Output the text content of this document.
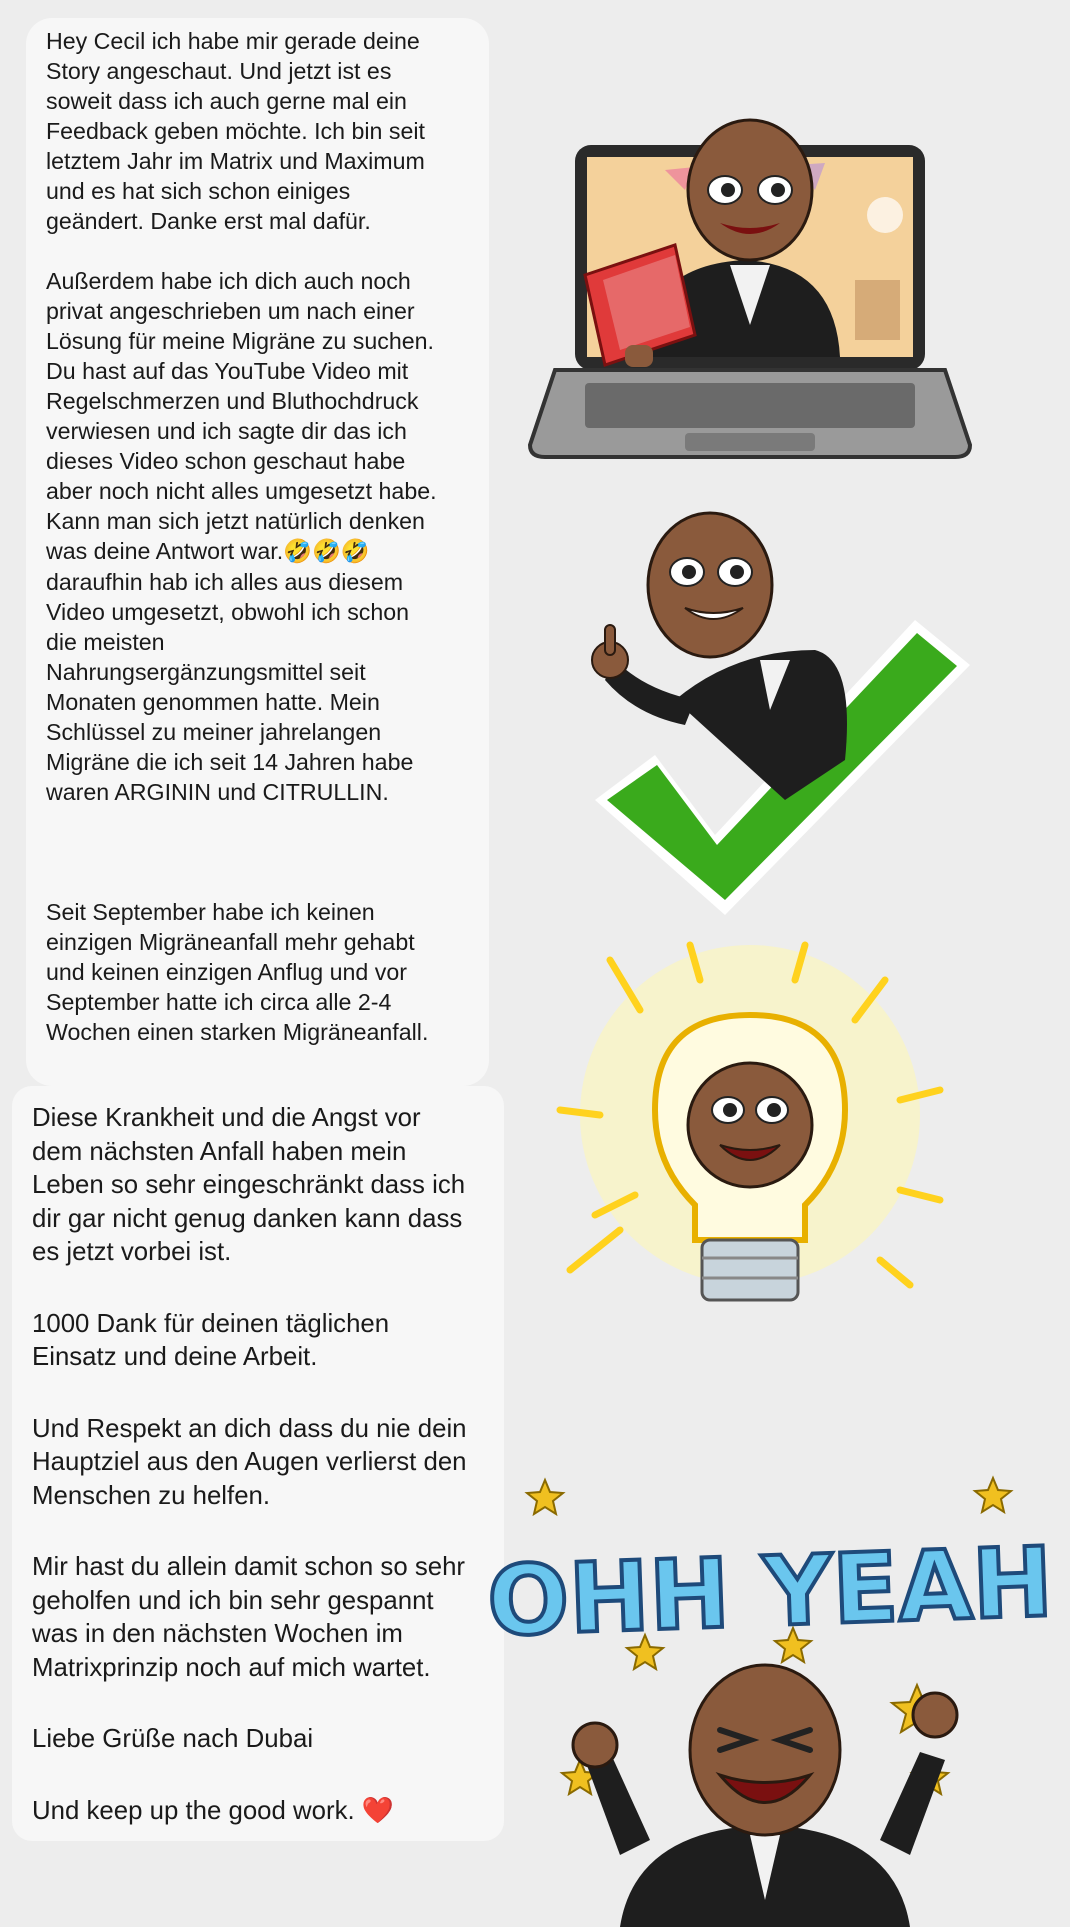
Hey Cecil ich habe mir gerade deine
Story angeschaut. Und jetzt ist es
soweit dass ich auch gerne mal ein
Feedback geben möchte. Ich bin seit
letztem Jahr im Matrix und Maximum
und es hat sich schon einiges
geändert. Danke erst mal dafür.

Außerdem habe ich dich auch noch
privat angeschrieben um nach einer
Lösung für meine Migräne zu suchen.
Du hast auf das YouTube Video mit
Regelschmerzen und Bluthochdruck
verwiesen und ich sagte dir das ich
dieses Video schon geschaut habe
aber noch nicht alles umgesetzt habe.
Kann man sich jetzt natürlich denken
was deine Antwort war.🤣🤣🤣

daraufhin hab ich alles aus diesem
Video umgesetzt, obwohl ich schon
die meisten
Nahrungsergänzungsmittel seit
Monaten genommen hatte. Mein
Schlüssel zu meiner jahrelangen
Migräne die ich seit 14 Jahren habe
waren ARGININ und CITRULLIN.

Seit September habe ich keinen
einzigen Migräneanfall mehr gehabt
und keinen einzigen Anflug und vor
September hatte ich circa alle 2-4
Wochen einen starken Migräneanfall.

Diese Krankheit und die Angst vor
dem nächsten Anfall haben mein
Leben so sehr eingeschränkt dass ich
dir gar nicht genug danken kann dass
es jetzt vorbei ist.

1000 Dank für deinen täglichen
Einsatz und deine Arbeit.

Und Respekt an dich dass du nie dein
Hauptziel aus den Augen verlierst den
Menschen zu helfen.

Mir hast du allein damit schon so sehr
geholfen und ich bin sehr gespannt
was in den nächsten Wochen im
Matrixprinzip noch auf mich wartet.

Liebe Grüße nach Dubai

Und keep up the good work. ❤️

OHH YEAH
